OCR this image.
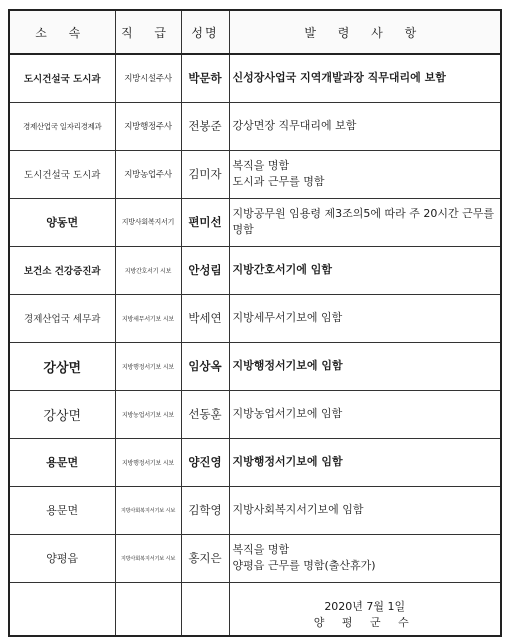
소 속	직 급	성명	발 령 사 항
도시건설국 도시과	지방시설주사	박문하	신성장사업국 지역개발과장 직무대리에 보함

경제산업국 일자리경제과	지방행정주사	전봉준	강상면장 직무대리에 보함

도시건설국 도시과	지방농업주사	김미자	복직을 명함
도시과 근무를 명함

양동면	지방사회복지서기	편미선	지방공무원 임용령 제3조의5에 따라 주 20시간 근무를 명함

보건소 건강증진과	지방간호서기 시보	안성림	지방간호서기에 임함

경제산업국 세무과	지방세무서기보 시보	박세연	지방세무서기보에 임함

강상면	지방행정서기보 시보	임상옥	지방행정서기보에 임함

강상면	지방농업서기보 시보	선동훈	지방농업서기보에 임함

용문면	지방행정서기보 시보	양진영	지방행정서기보에 임함

용문면	지방사회복지서기보 시보	김학영	지방사회복지서기보에 임함

양평읍	지방사회복지서기보 시보	홍지은	복직을 명함
양평읍 근무를 명함(출산휴가)

			2020년 7월 1일
양 평 군 수
